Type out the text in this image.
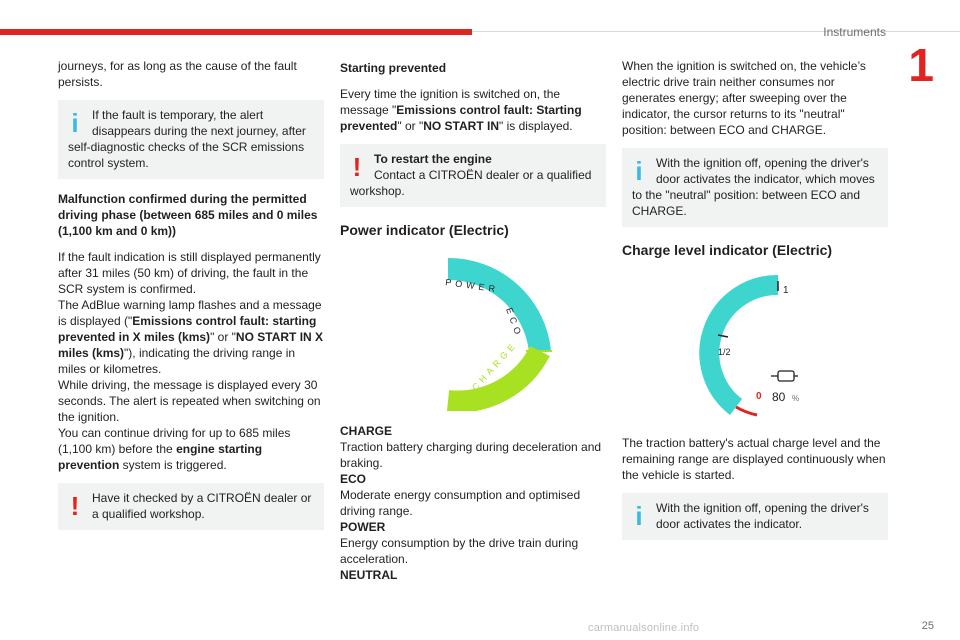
Instruments
1

journeys, for as long as the cause of the fault persists.

i	If the fault is temporary, the alert disappears during the next journey, after self-diagnostic checks of the SCR emissions control system.
Malfunction confirmed during the permitted driving phase (between 685 miles and 0 miles (1,100 km and 0 km))

If the fault indication is still displayed permanently after 31 miles (50 km) of driving, the fault in the SCR system is confirmed.

The AdBlue warning lamp flashes and a message is displayed ("Emissions control fault: starting prevented in X miles (kms)" or "NO START IN X miles (kms)"), indicating the driving range in miles or kilometres.

While driving, the message is displayed every 30 seconds. The alert is repeated when switching on the ignition.

You can continue driving for up to 685 miles (1,100 km) before the engine starting prevention system is triggered.

!	Have it checked by a CITROËN dealer or a qualified workshop.
Starting prevented

Every time the ignition is switched on, the message "Emissions control fault: Starting prevented" or "NO START IN" is displayed.

!	To restart the engine
Contact a CITROËN dealer or a qualified workshop.
Power indicator (Electric)
POWER
ECO
CHARGE
CHARGE
Traction battery charging during deceleration and braking.
ECO
Moderate energy consumption and optimised driving range.
POWER
Energy consumption by the drive train during acceleration.
NEUTRAL

When the ignition is switched on, the vehicle’s electric drive train neither consumes nor generates energy; after sweeping over the indicator, the cursor returns to its "neutral" position: between ECO and CHARGE.

i	With the ignition off, opening the driver's door activates the indicator, which moves to the "neutral" position: between ECO and CHARGE.
Charge level indicator (Electric)
1
1/2
0 80 %

The traction battery's actual charge level and the remaining range are displayed continuously when the vehicle is started.

i	With the ignition off, opening the driver's door activates the indicator.
carmanualsonline.info	25
